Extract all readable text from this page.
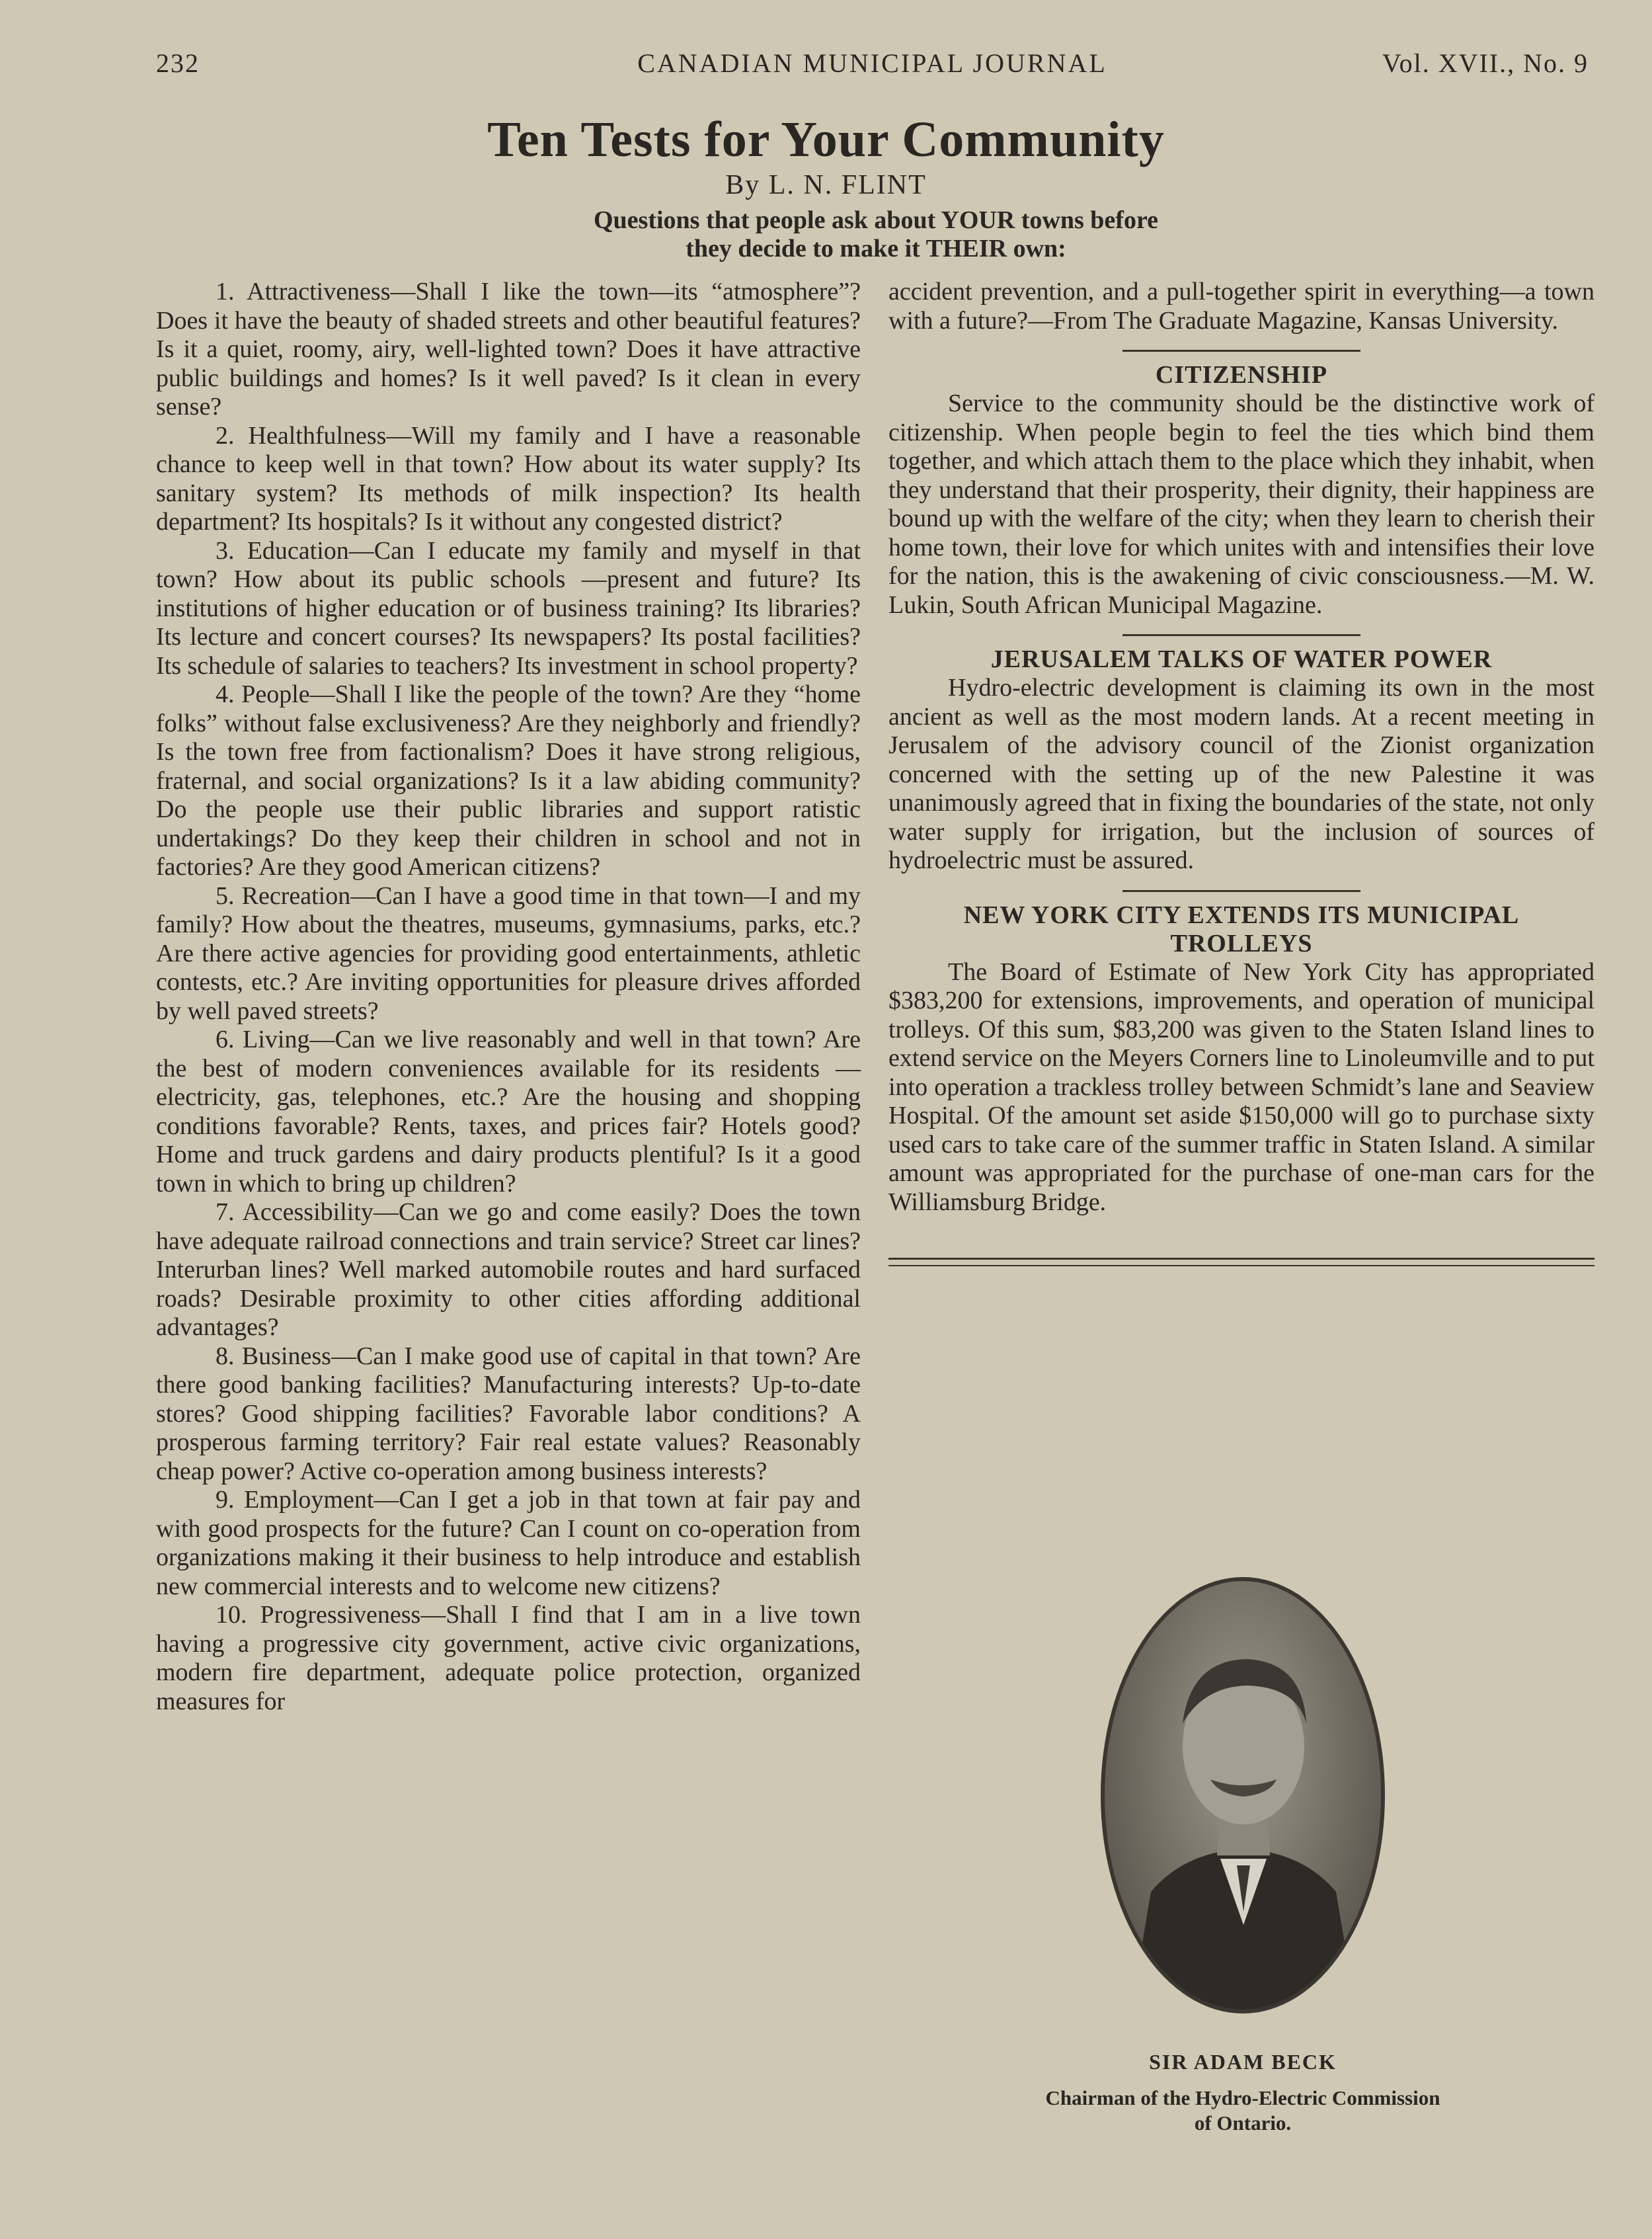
232	CANADIAN MUNICIPAL JOURNAL	Vol. XVII., No. 9
Ten Tests for Your Community
By L. N. FLINT
Questions that people ask about YOUR towns before
they decide to make it THEIR own:

1. Attractiveness—Shall I like the town—its “atmosphere”? Does it have the beauty of shaded streets and other beautiful features? Is it a quiet, roomy, airy, well-lighted town? Does it have attractive public buildings and homes? Is it well paved? Is it clean in every sense?

2. Healthfulness—Will my family and I have a reasonable chance to keep well in that town? How about its water supply? Its sanitary system? Its methods of milk inspection? Its health department? Its hospitals? Is it without any congested district?

3. Education—Can I educate my family and myself in that town? How about its public schools —present and future? Its institutions of higher education or of business training? Its libraries? Its lecture and concert courses? Its newspapers? Its postal facilities? Its schedule of salaries to teachers? Its investment in school property?

4. People—Shall I like the people of the town? Are they “home folks” without false exclusiveness? Are they neighborly and friendly? Is the town free from factionalism? Does it have strong religious, fraternal, and social organizations? Is it a law abiding community? Do the people use their public libraries and support ratistic undertakings? Do they keep their children in school and not in factories? Are they good American citizens?

5. Recreation—Can I have a good time in that town—I and my family? How about the theatres, museums, gymnasiums, parks, etc.? Are there active agencies for providing good entertainments, athletic contests, etc.? Are inviting opportunities for pleasure drives afforded by well paved streets?

6. Living—Can we live reasonably and well in that town? Are the best of modern conveniences available for its residents — electricity, gas, telephones, etc.? Are the housing and shopping conditions favorable? Rents, taxes, and prices fair? Hotels good? Home and truck gardens and dairy products plentiful? Is it a good town in which to bring up children?

7. Accessibility—Can we go and come easily? Does the town have adequate railroad connections and train service? Street car lines? Interurban lines? Well marked automobile routes and hard surfaced roads? Desirable proximity to other cities affording additional advantages?

8. Business—Can I make good use of capital in that town? Are there good banking facilities? Manufacturing interests? Up-to-date stores? Good shipping facilities? Favorable labor conditions? A prosperous farming territory? Fair real estate values? Reasonably cheap power? Active co-operation among business interests?

9. Employment—Can I get a job in that town at fair pay and with good prospects for the future? Can I count on co-operation from organizations making it their business to help introduce and establish new commercial interests and to welcome new citizens?

10. Progressiveness—Shall I find that I am in a live town having a progressive city government, active civic organizations, modern fire department, adequate police protection, organized measures for

accident prevention, and a pull-together spirit in everything—a town with a future?—From The Graduate Magazine, Kansas University.

CITIZENSHIP

Service to the community should be the distinctive work of citizenship. When people begin to feel the ties which bind them together, and which attach them to the place which they inhabit, when they understand that their prosperity, their dignity, their happiness are bound up with the welfare of the city; when they learn to cherish their home town, their love for which unites with and intensifies their love for the nation, this is the awakening of civic consciousness.—M. W. Lukin, South African Municipal Magazine.

JERUSALEM TALKS OF WATER POWER

Hydro-electric development is claiming its own in the most ancient as well as the most modern lands. At a recent meeting in Jerusalem of the advisory council of the Zionist organization concerned with the setting up of the new Palestine it was unanimously agreed that in fixing the boundaries of the state, not only water supply for irrigation, but the inclusion of sources of hydroelectric must be assured.

NEW YORK CITY EXTENDS ITS MUNICIPAL
TROLLEYS

The Board of Estimate of New York City has appropriated $383,200 for extensions, improvements, and operation of municipal trolleys. Of this sum, $83,200 was given to the Staten Island lines to extend service on the Meyers Corners line to Linoleumville and to put into operation a trackless trolley between Schmidt’s lane and Seaview Hospital. Of the amount set aside $150,000 will go to purchase sixty used cars to take care of the summer traffic in Staten Island. A similar amount was appropriated for the purchase of one-man cars for the Williamsburg Bridge.

SIR ADAM BECK
Chairman of the Hydro-Electric Commission
of Ontario.
